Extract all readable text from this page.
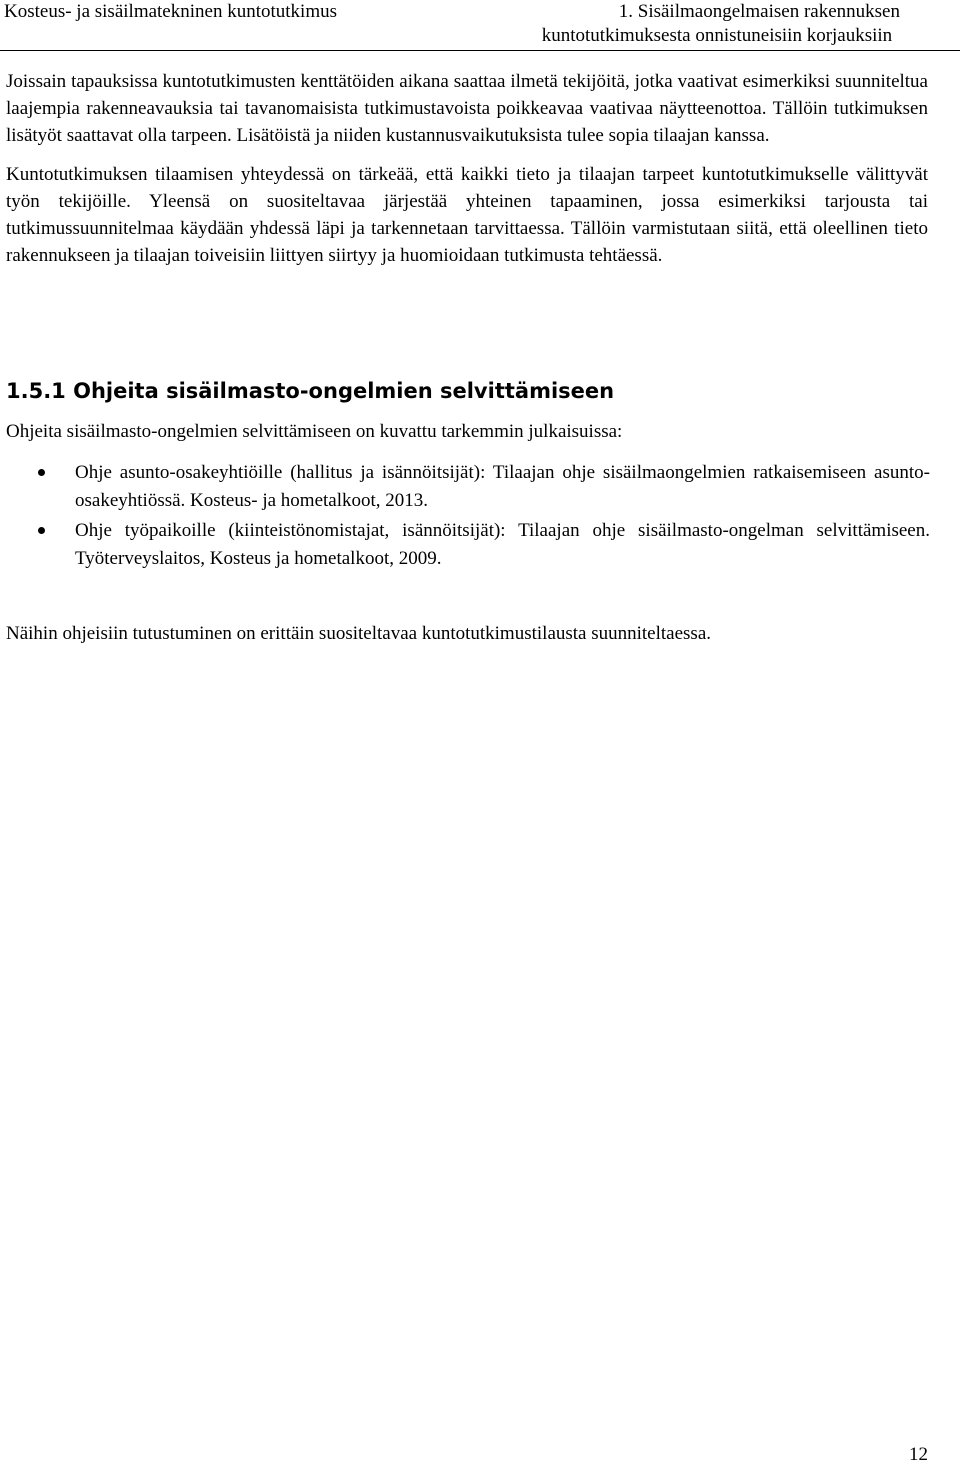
Kosteus- ja sisäilmatekninen kuntotutkimus	1. Sisäilmaongelmaisen rakennuksen
kuntotutkimuksesta onnistuneisiin korjauksiin

Joissain tapauksissa kuntotutkimusten kenttätöiden aikana saattaa ilmetä tekijöitä, jotka vaativat esimerkiksi suunniteltua laajempia rakenneavauksia tai tavanomaisista tutkimustavoista poikkeavaa vaativaa näytteenottoa. Tällöin tutkimuksen lisätyöt saattavat olla tarpeen. Lisätöistä ja niiden kustannusvaikutuksista tulee sopia tilaajan kanssa.

Kuntotutkimuksen tilaamisen yhteydessä on tärkeää, että kaikki tieto ja tilaajan tarpeet kuntotutkimukselle välittyvät työn tekijöille. Yleensä on suositeltavaa järjestää yhteinen tapaaminen, jossa esimerkiksi tarjousta tai tutkimussuunnitelmaa käydään yhdessä läpi ja tarkennetaan tarvittaessa. Tällöin varmistutaan siitä, että oleellinen tieto rakennukseen ja tilaajan toiveisiin liittyen siirtyy ja huomioidaan tutkimusta tehtäessä.

1.5.1 Ohjeita sisäilmasto-ongelmien selvittämiseen

Ohjeita sisäilmasto-ongelmien selvittämiseen on kuvattu tarkemmin julkaisuissa:

Ohje asunto-osakeyhtiöille (hallitus ja isännöitsijät): Tilaajan ohje sisäilmaongelmien ratkaisemiseen asunto-osakeyhtiössä. Kosteus- ja hometalkoot, 2013.
Ohje työpaikoille (kiinteistönomistajat, isännöitsijät): Tilaajan ohje sisäilmasto-ongelman selvittämiseen. Työterveyslaitos, Kosteus ja hometalkoot, 2009.

Näihin ohjeisiin tutustuminen on erittäin suositeltavaa kuntotutkimustilausta suunniteltaessa.

12
